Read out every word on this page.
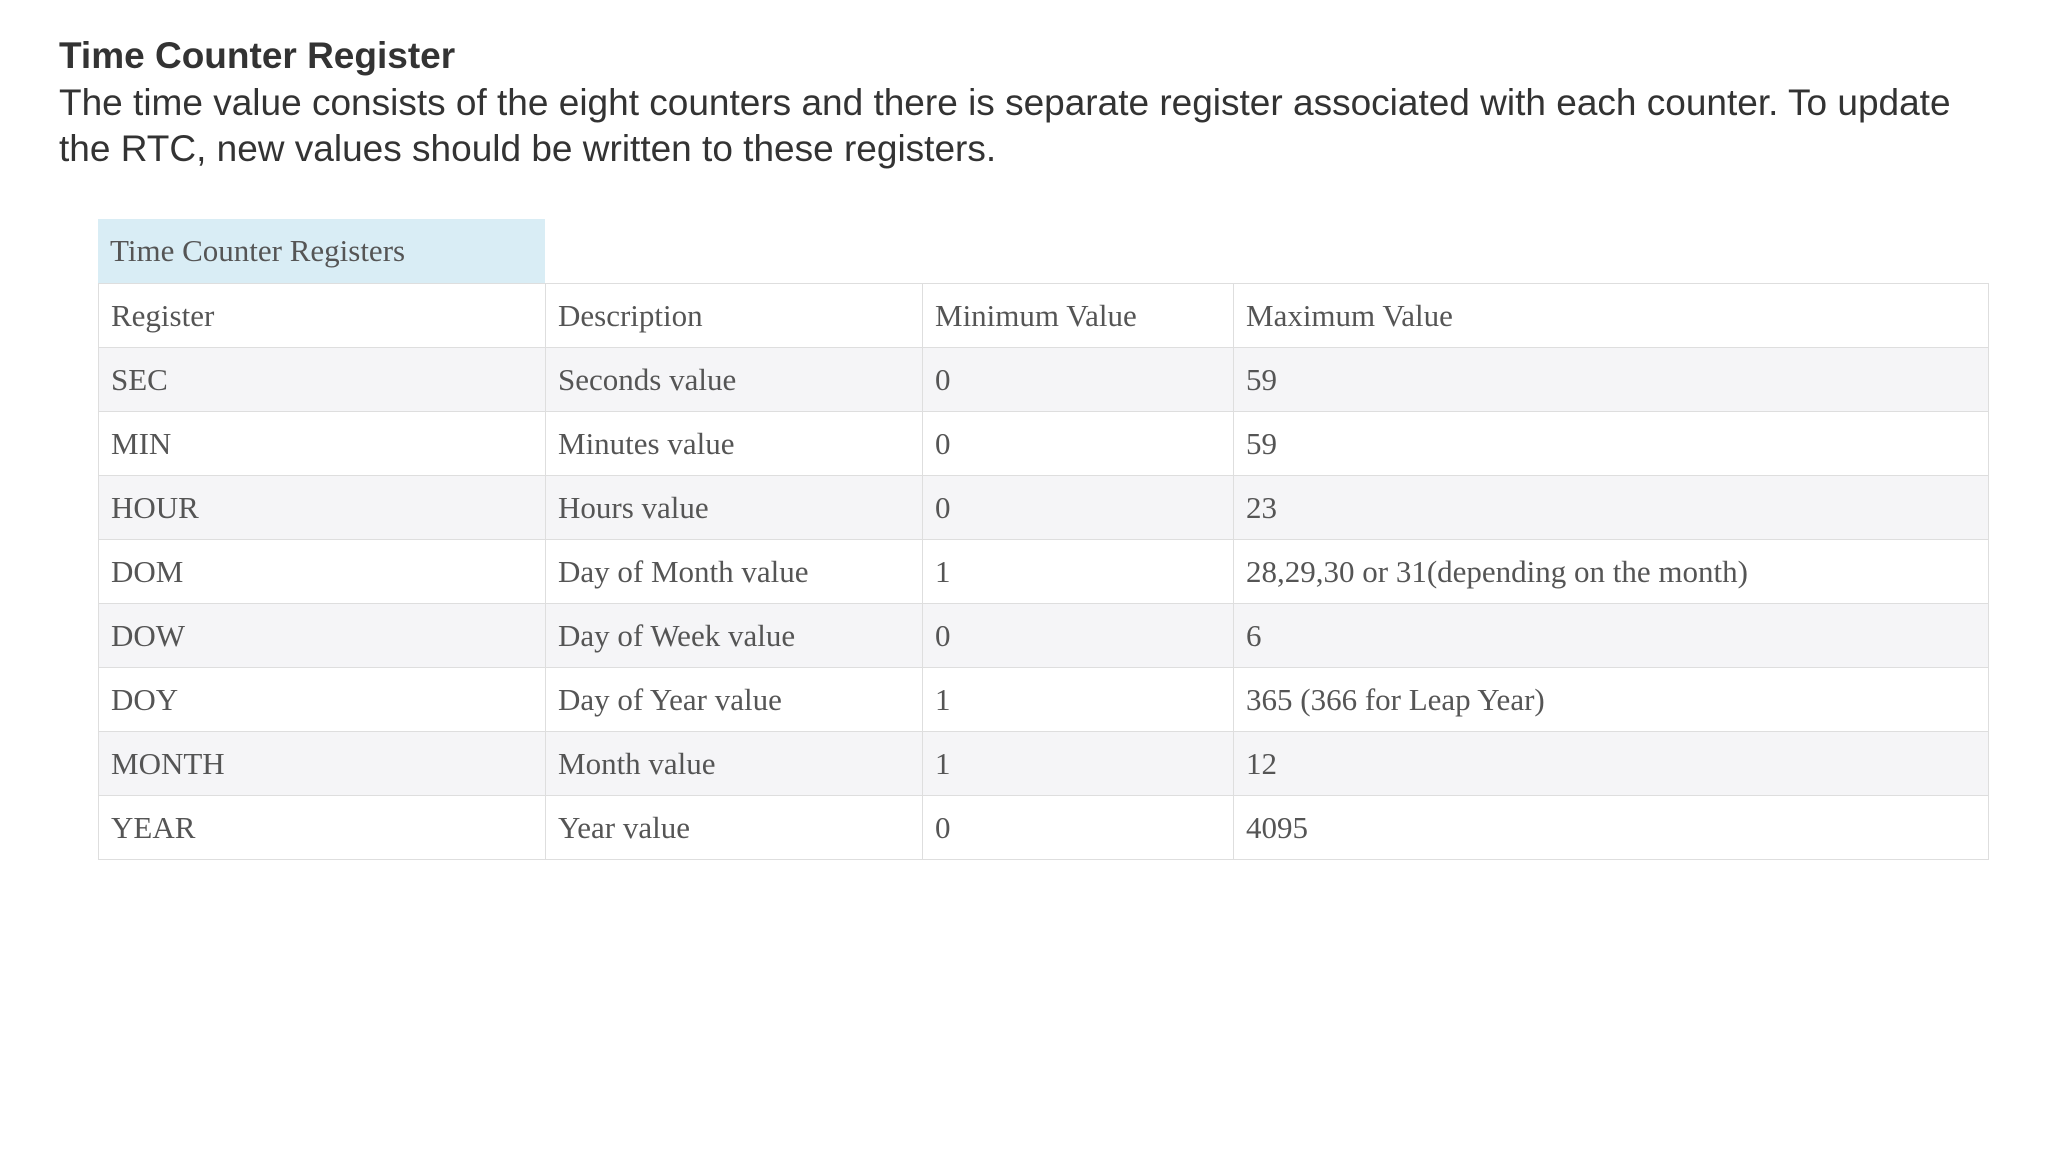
Time Counter Register

The time value consists of the eight counters and there is separate register associated with each counter. To update the RTC, new values should be written to these registers.

Time Counter Registers
Register	Description	Minimum Value	Maximum Value
SEC	Seconds value	0	59
MIN	Minutes value	0	59
HOUR	Hours value	0	23
DOM	Day of Month value	1	28,29,30 or 31(depending on the month)
DOW	Day of Week value	0	6
DOY	Day of Year value	1	365 (366 for Leap Year)
MONTH	Month value	1	12
YEAR	Year value	0	4095
